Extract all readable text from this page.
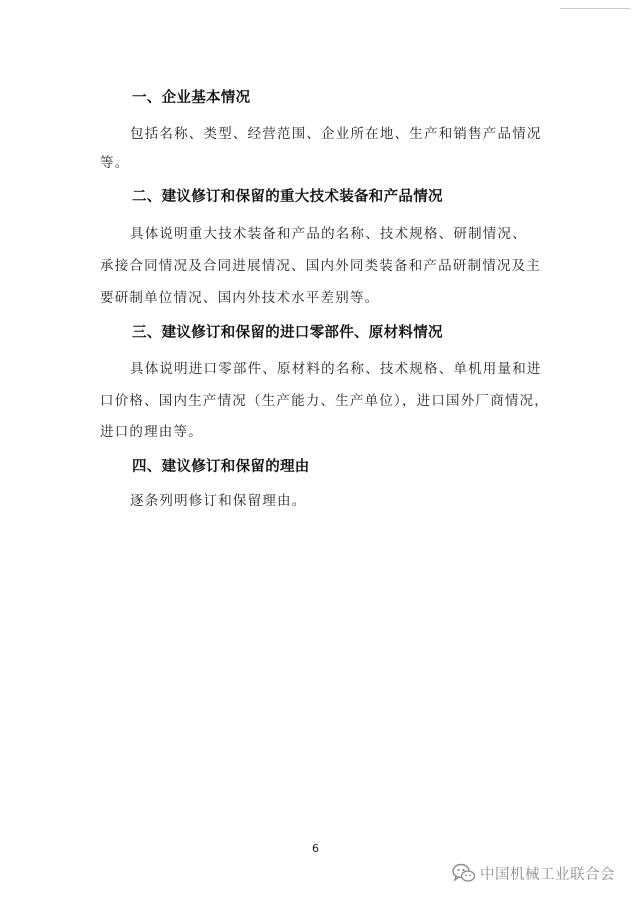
一、企业基本情况

包括名称、类型、经营范围、企业所在地、生产和销售产品情况

等。

二、建议修订和保留的重大技术装备和产品情况

具体说明重大技术装备和产品的名称、技术规格、研制情况、

承接合同情况及合同进展情况、国内外同类装备和产品研制情况及主

要研制单位情况、国内外技术水平差别等。

三、建议修订和保留的进口零部件、原材料情况

具体说明进口零部件、原材料的名称、技术规格、单机用量和进

口价格、国内生产情况（生产能力、生产单位），进口国外厂商情况，

进口的理由等。

四、建议修订和保留的理由

逐条列明修订和保留理由。

6

中国机械工业联合会
